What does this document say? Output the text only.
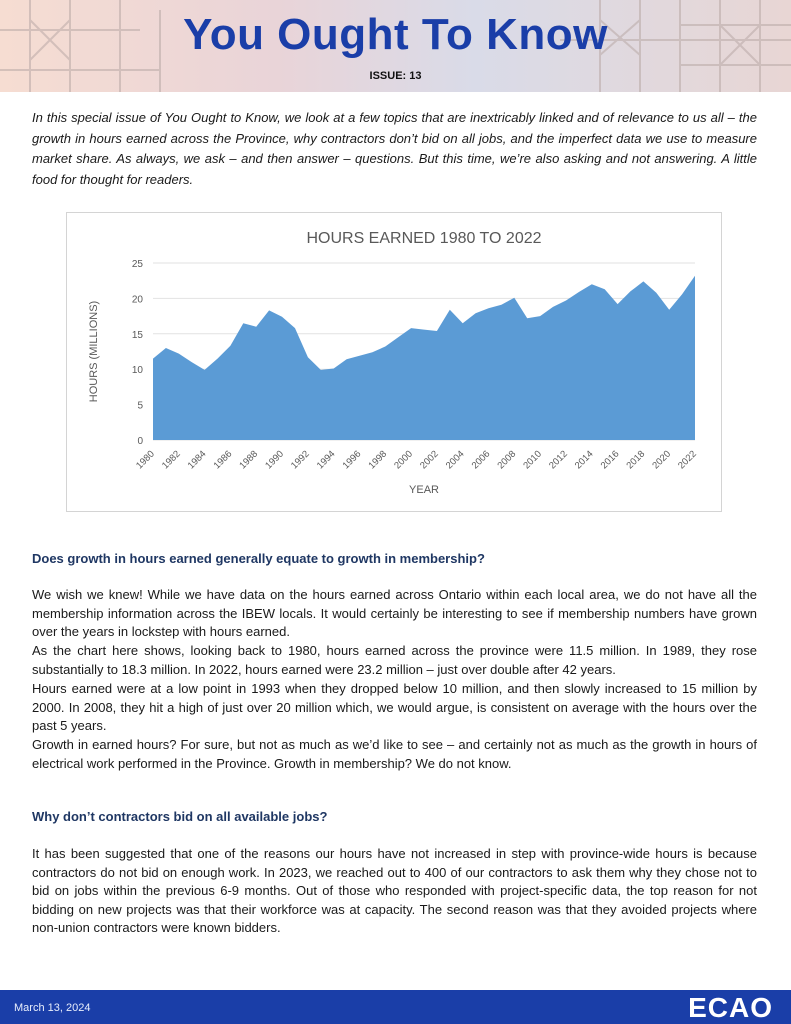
You Ought To Know
ISSUE: 13

In this special issue of You Ought to Know, we look at a few topics that are inextricably linked and of relevance to us all – the growth in hours earned across the Province, why contractors don’t bid on all jobs, and the imperfect data we use to measure market share. As always, we ask – and then answer – questions. But this time, we’re also asking and not answering. A little food for thought for readers.

HOURS EARNED 1980 TO 2022
0
5
10
15
20
25
1980 1982 1984 1986 1988 1990 1992 1994 1996 1998 2000 2002 2004 2006 2008 2010 2012 2014 2016 2018 2020 2022
YEAR
HOURS (MILLIONS)
Does growth in hours earned generally equate to growth in membership?

We wish we knew! While we have data on the hours earned across Ontario within each local area, we do not have all the membership information across the IBEW locals. It would certainly be interesting to see if membership numbers have grown over the years in lockstep with hours earned.

As the chart here shows, looking back to 1980, hours earned across the province were 11.5 million. In 1989, they rose substantially to 18.3 million. In 2022, hours earned were 23.2 million – just over double after 42 years.

Hours earned were at a low point in 1993 when they dropped below 10 million, and then slowly increased to 15 million by 2000. In 2008, they hit a high of just over 20 million which, we would argue, is consistent on average with the hours over the past 5 years.

Growth in earned hours? For sure, but not as much as we’d like to see – and certainly not as much as the growth in hours of electrical work performed in the Province. Growth in membership? We do not know.

Why don’t contractors bid on all available jobs?

It has been suggested that one of the reasons our hours have not increased in step with province-wide hours is because contractors do not bid on enough work. In 2023, we reached out to 400 of our contractors to ask them why they chose not to bid on jobs within the previous 6-9 months. Out of those who responded with project-specific data, the top reason for not bidding on new projects was that their workforce was at capacity. The second reason was that they avoided projects where non-union contractors were known bidders.

March 13, 2024	ECAO
